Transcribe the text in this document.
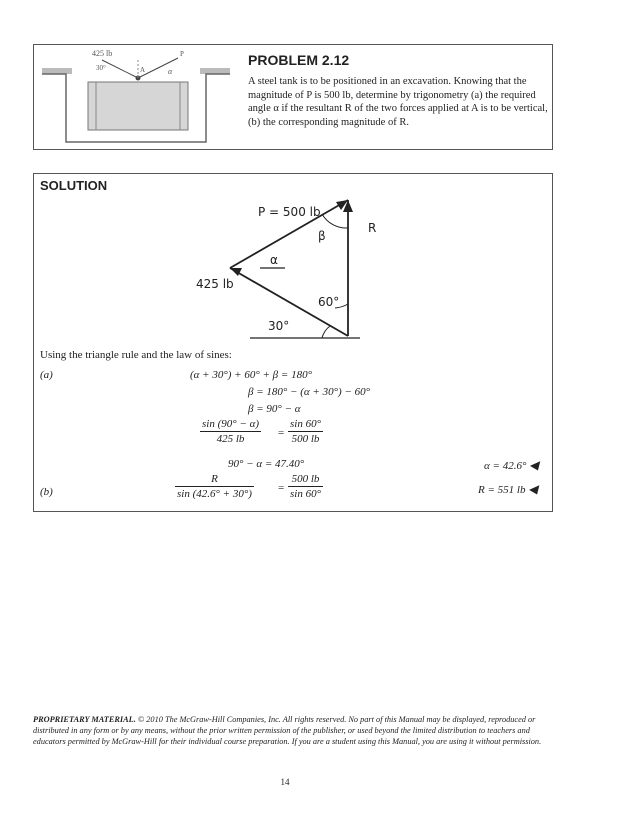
425 lb
30°	A
P
α
PROBLEM 2.12
A steel tank is to be positioned in an excavation. Knowing that the magnitude of P is 500 lb, determine by trigonometry (a) the required angle α if the resultant R of the two forces applied at A is to be vertical, (b) the corresponding magnitude of R.
SOLUTION
P = 500 lb
β
R
α
425 lb
60°
30°
Using the triangle rule and the law of sines:
(a)	(α + 30°) + 60° + β = 180°
β = 180° − (α + 30°) − 60°
β = 90° − α
$\frac{\sin (90^\circ - \alpha)}{425 lb} = \frac{\sin 60^\circ}{500 lb}$
90° − α = 47.40°	α = 42.6° ◀
(b)	$\frac{R}{\sin (42.6^\circ + 30^\circ)} = \frac{500 lb}{\sin 60^\circ}$	R = 551 lb ◀
PROPRIETARY MATERIAL. © 2010 The McGraw-Hill Companies, Inc. All rights reserved. No part of this Manual may be displayed, reproduced or distributed in any form or by any means, without the prior written permission of the publisher, or used beyond the limited distribution to teachers and educators permitted by McGraw-Hill for their individual course preparation. If you are a student using this Manual, you are using it without permission.
14
